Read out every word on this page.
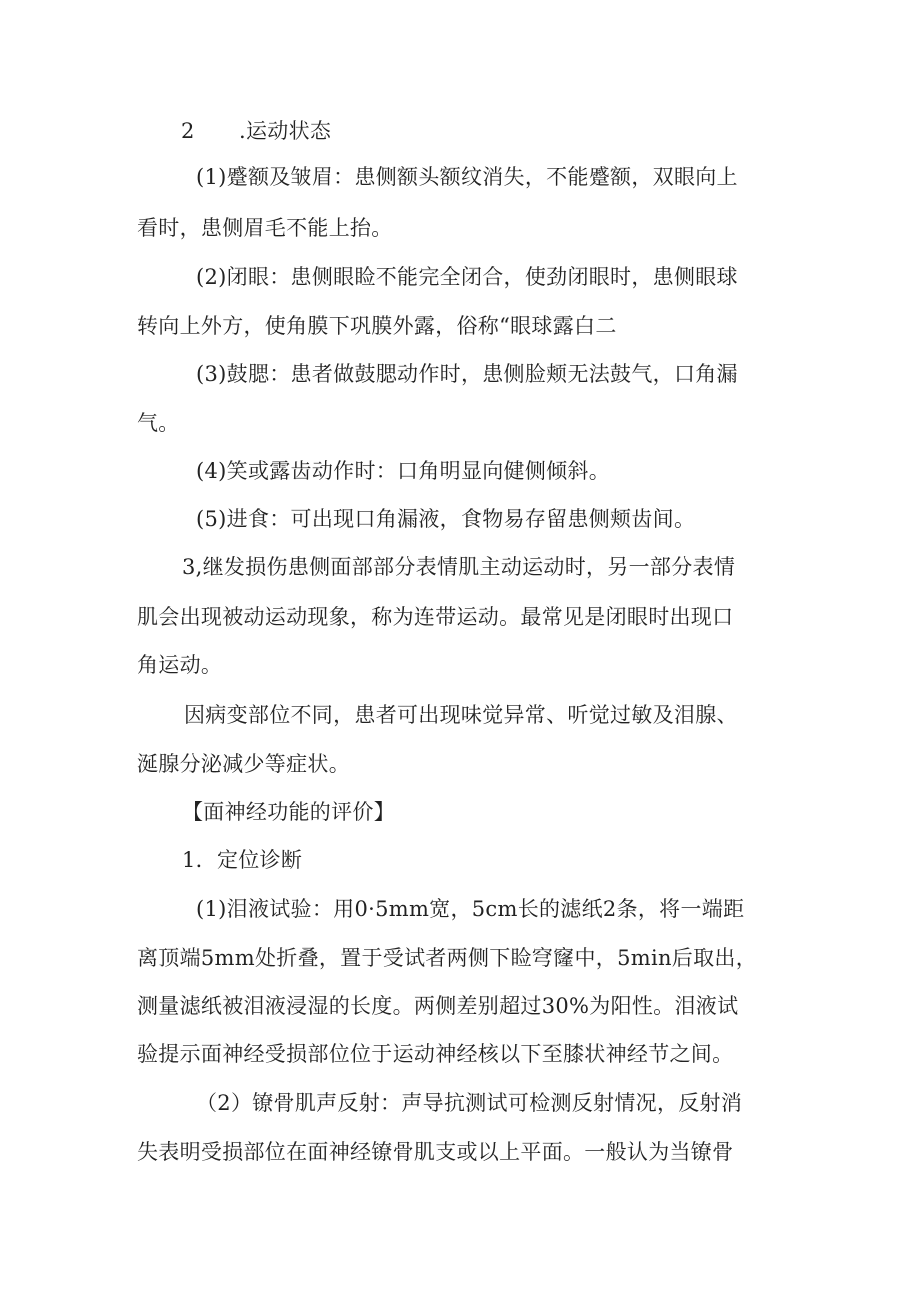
2 .运动状态
(1)蹙额及皱眉：患侧额头额纹消失，不能蹙额，双眼向上
看时，患侧眉毛不能上抬。
(2)闭眼：患侧眼睑不能完全闭合，使劲闭眼时，患侧眼球
转向上外方，使角膜下巩膜外露，俗称“眼球露白二
(3)鼓腮：患者做鼓腮动作时，患侧脸颊无法鼓气，口角漏
气。
(4)笑或露齿动作时：口角明显向健侧倾斜。
(5)进食：可出现口角漏液，食物易存留患侧颊齿间。
3,继发损伤患侧面部部分表情肌主动运动时，另一部分表情
肌会出现被动运动现象，称为连带运动。最常见是闭眼时出现口
角运动。
因病变部位不同，患者可出现味觉异常、听觉过敏及泪腺、
涎腺分泌减少等症状。
【面神经功能的评价】
1．定位诊断
(1)泪液试验：用0·5mm宽，5cm长的滤纸2条，将一端距
离顶端5mm处折叠，置于受试者两侧下睑穹窿中，5min后取出，
测量滤纸被泪液浸湿的长度。两侧差别超过30%为阳性。泪液试
验提示面神经受损部位位于运动神经核以下至膝状神经节之间。
（2）镣骨肌声反射：声导抗测试可检测反射情况，反射消
失表明受损部位在面神经镣骨肌支或以上平面。一般认为当镣骨
